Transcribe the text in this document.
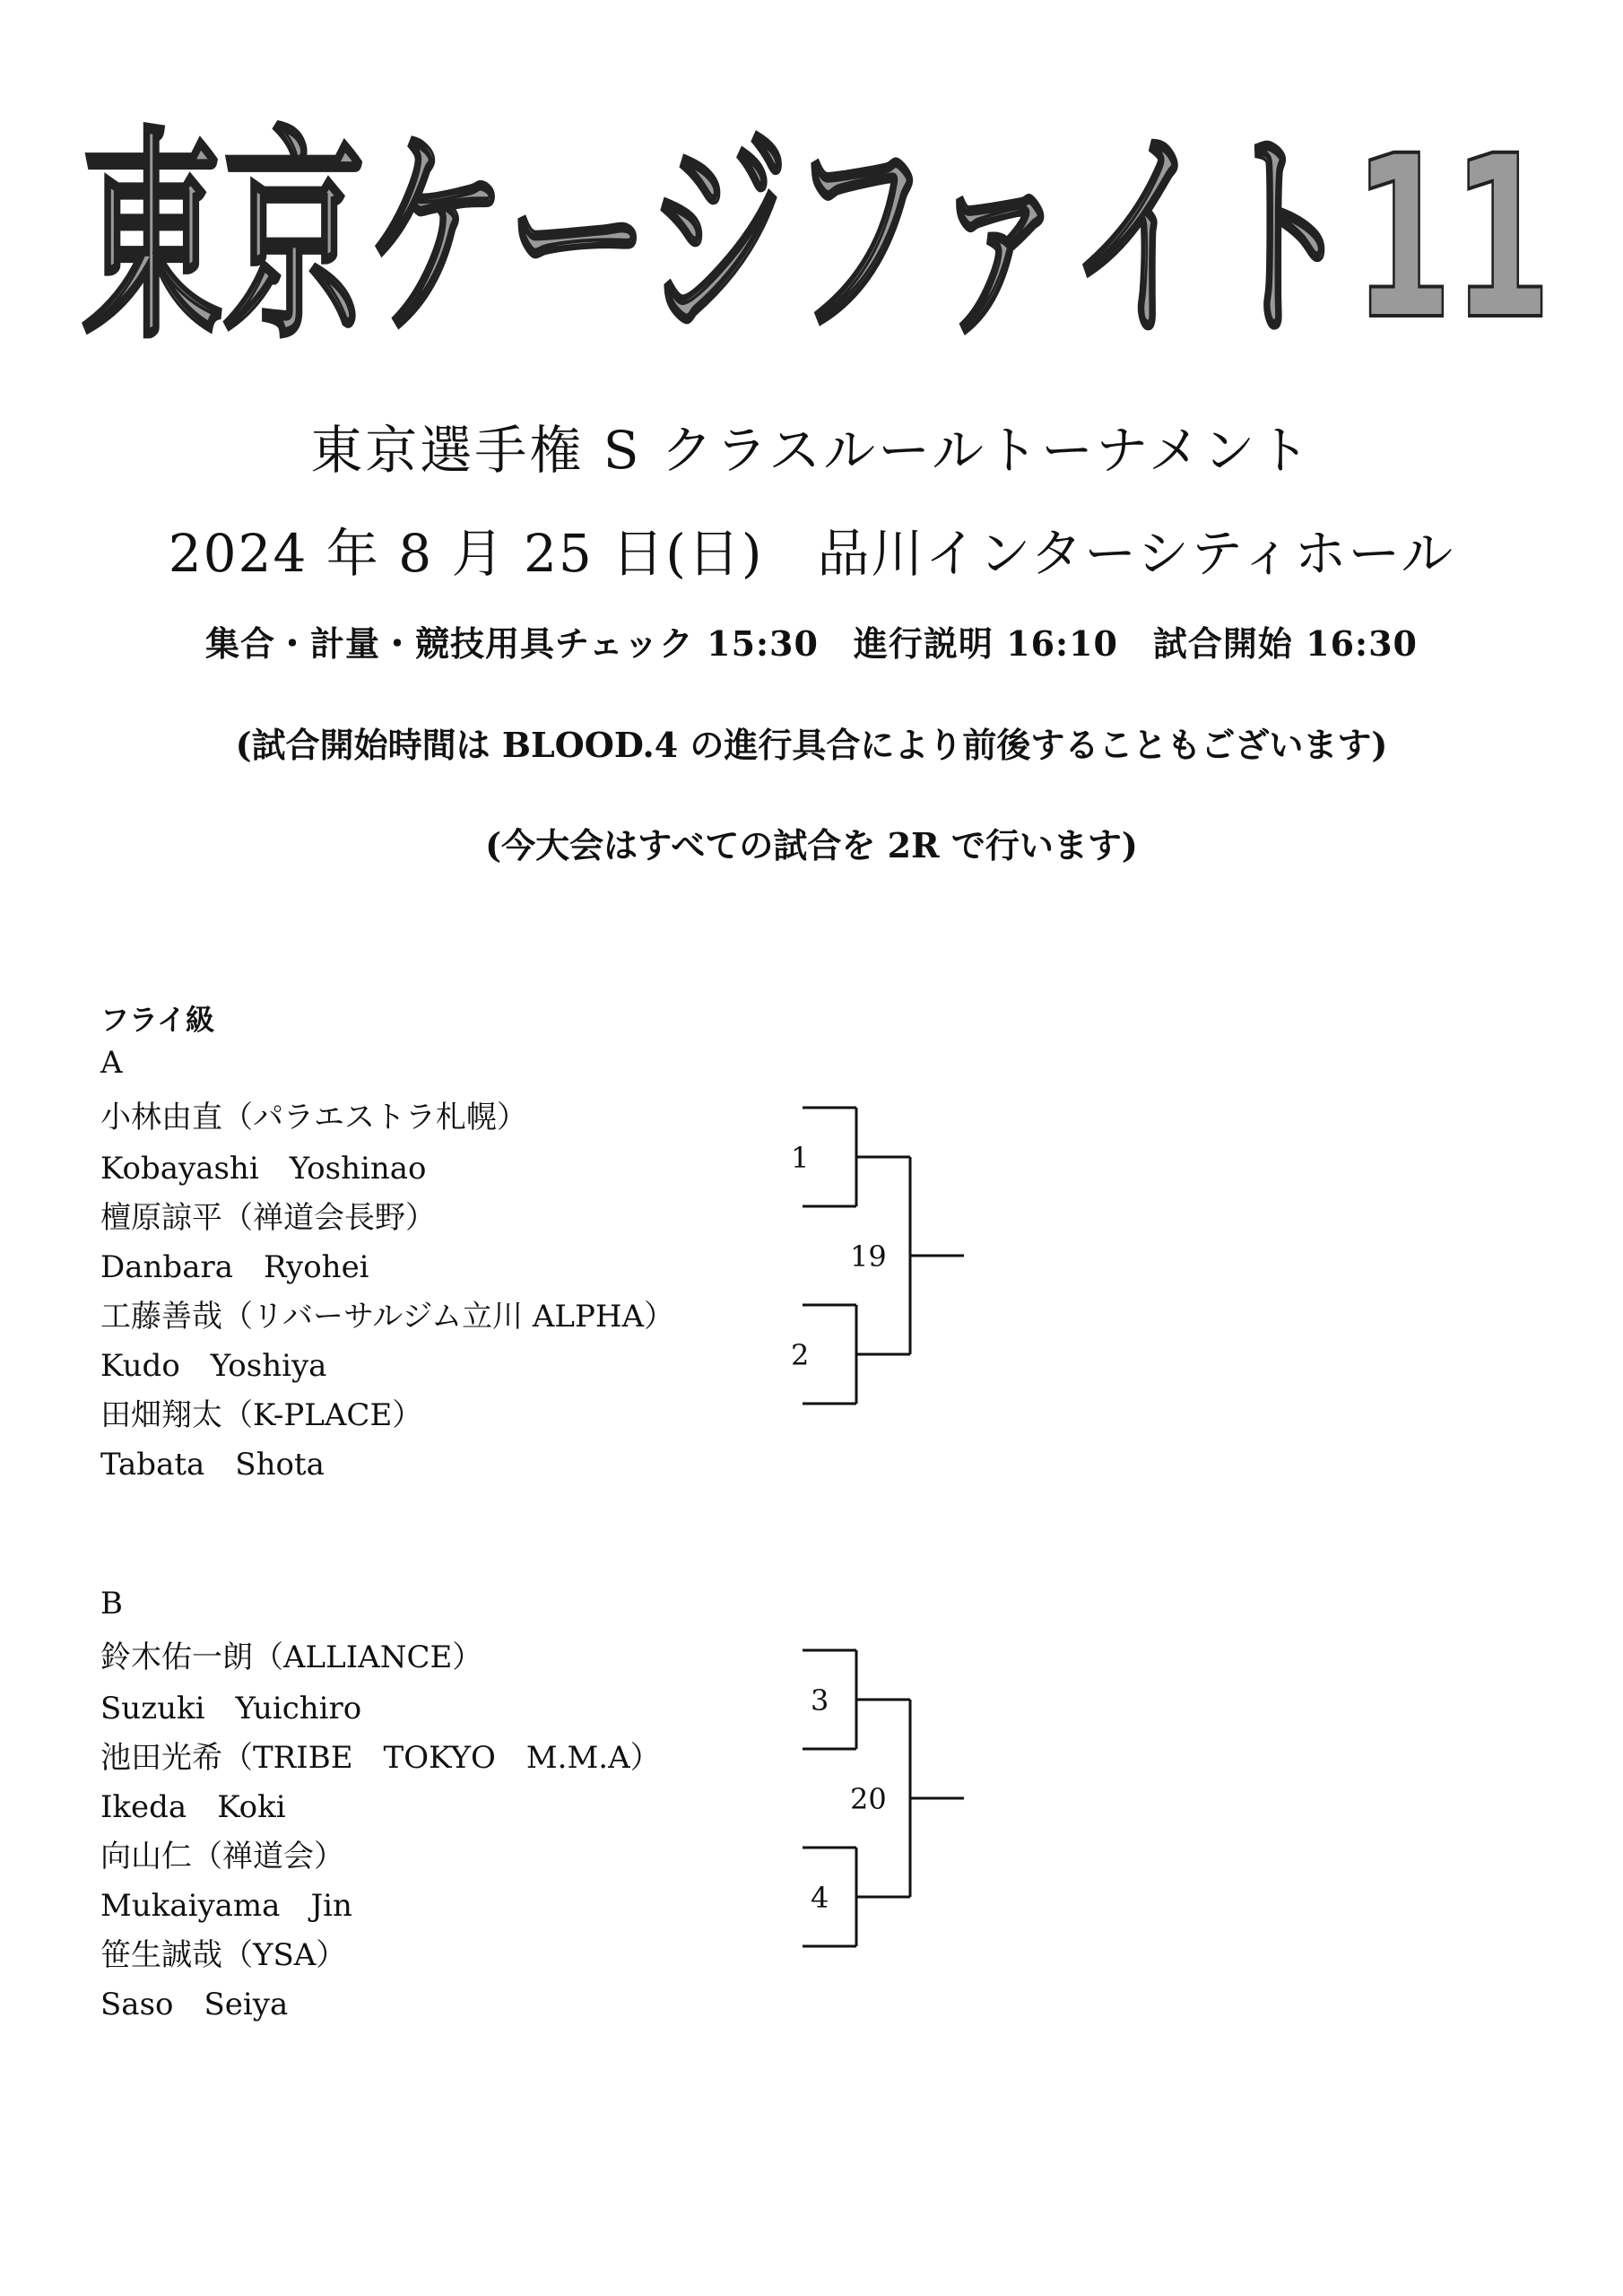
東京ケージファイト11
東京選手権 S クラスルールトーナメント
2024 年 8 月 25 日(日)　品川インターシティホール
集合・計量・競技用具チェック 15:30　進行説明 16:10　試合開始 16:30
(試合開始時間は BLOOD.4 の進行具合により前後することもございます)
(今大会はすべての試合を 2R で行います)
フライ級
A
小林由直（パラエストラ札幌）
Kobayashi　Yoshinao
檀原諒平（禅道会長野）
Danbara　Ryohei
工藤善哉（リバーサルジム立川 ALPHA）
Kudo　Yoshiya
田畑翔太（K-PLACE）
Tabata　Shota
B
鈴木佑一朗（ALLIANCE）
Suzuki　Yuichiro
池田光希（TRIBE　TOKYO　M.M.A）
Ikeda　Koki
向山仁（禅道会）
Mukaiyama　Jin
笹生誠哉（YSA）
Saso　Seiya
1
2
19
3
4
20
